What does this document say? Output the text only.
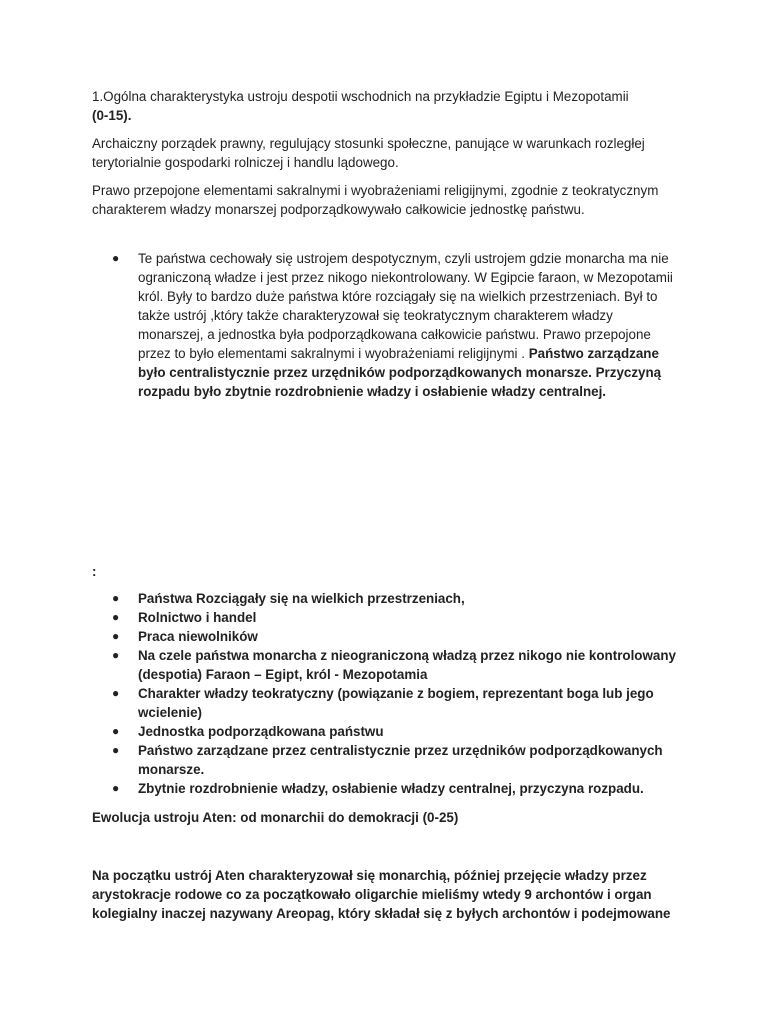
1.Ogólna charakterystyka ustroju despotii wschodnich na przykładzie Egiptu i Mezopotamii
(0-15).

Archaiczny porządek prawny, regulujący stosunki społeczne, panujące w warunkach rozległej terytorialnie gospodarki rolniczej i handlu lądowego.

Prawo przepojone elementami sakralnymi i wyobrażeniami religijnymi, zgodnie z teokratycznym charakterem władzy monarszej podporządkowywało całkowicie jednostkę państwu.

● Te państwa cechowały się ustrojem despotycznym, czyli ustrojem gdzie monarcha ma nie ograniczoną władze i jest przez nikogo niekontrolowany. W Egipcie faraon, w Mezopotamii król. Były to bardzo duże państwa które rozciągały się na wielkich przestrzeniach. Był to także ustrój ,który także charakteryzował się teokratycznym charakterem władzy monarszej, a jednostka była podporządkowana całkowicie państwu. Prawo przepojone przez to było elementami sakralnymi i wyobrażeniami religijnymi . Państwo zarządzane było centralistycznie przez urzędników podporządkowanych monarsze. Przyczyną rozpadu było zbytnie rozdrobnienie władzy i osłabienie władzy centralnej.

:

● Państwa Rozciągały się na wielkich przestrzeniach,
● Rolnictwo i handel
● Praca niewolników
● Na czele państwa monarcha z nieograniczoną władzą przez nikogo nie kontrolowany (despotia) Faraon – Egipt, król - Mezopotamia
● Charakter władzy teokratyczny (powiązanie z bogiem, reprezentant boga lub jego wcielenie)
● Jednostka podporządkowana państwu
● Państwo zarządzane przez centralistycznie przez urzędników podporządkowanych monarsze.
● Zbytnie rozdrobnienie władzy, osłabienie władzy centralnej, przyczyna rozpadu.

Ewolucja ustroju Aten: od monarchii do demokracji (0-25)

Na początku ustrój Aten charakteryzował się monarchią, później przejęcie władzy przez arystokracje rodowe co za początkowało oligarchie mieliśmy wtedy 9 archontów i organ kolegialny inaczej nazywany Areopag, który składał się z byłych archontów i podejmowane
